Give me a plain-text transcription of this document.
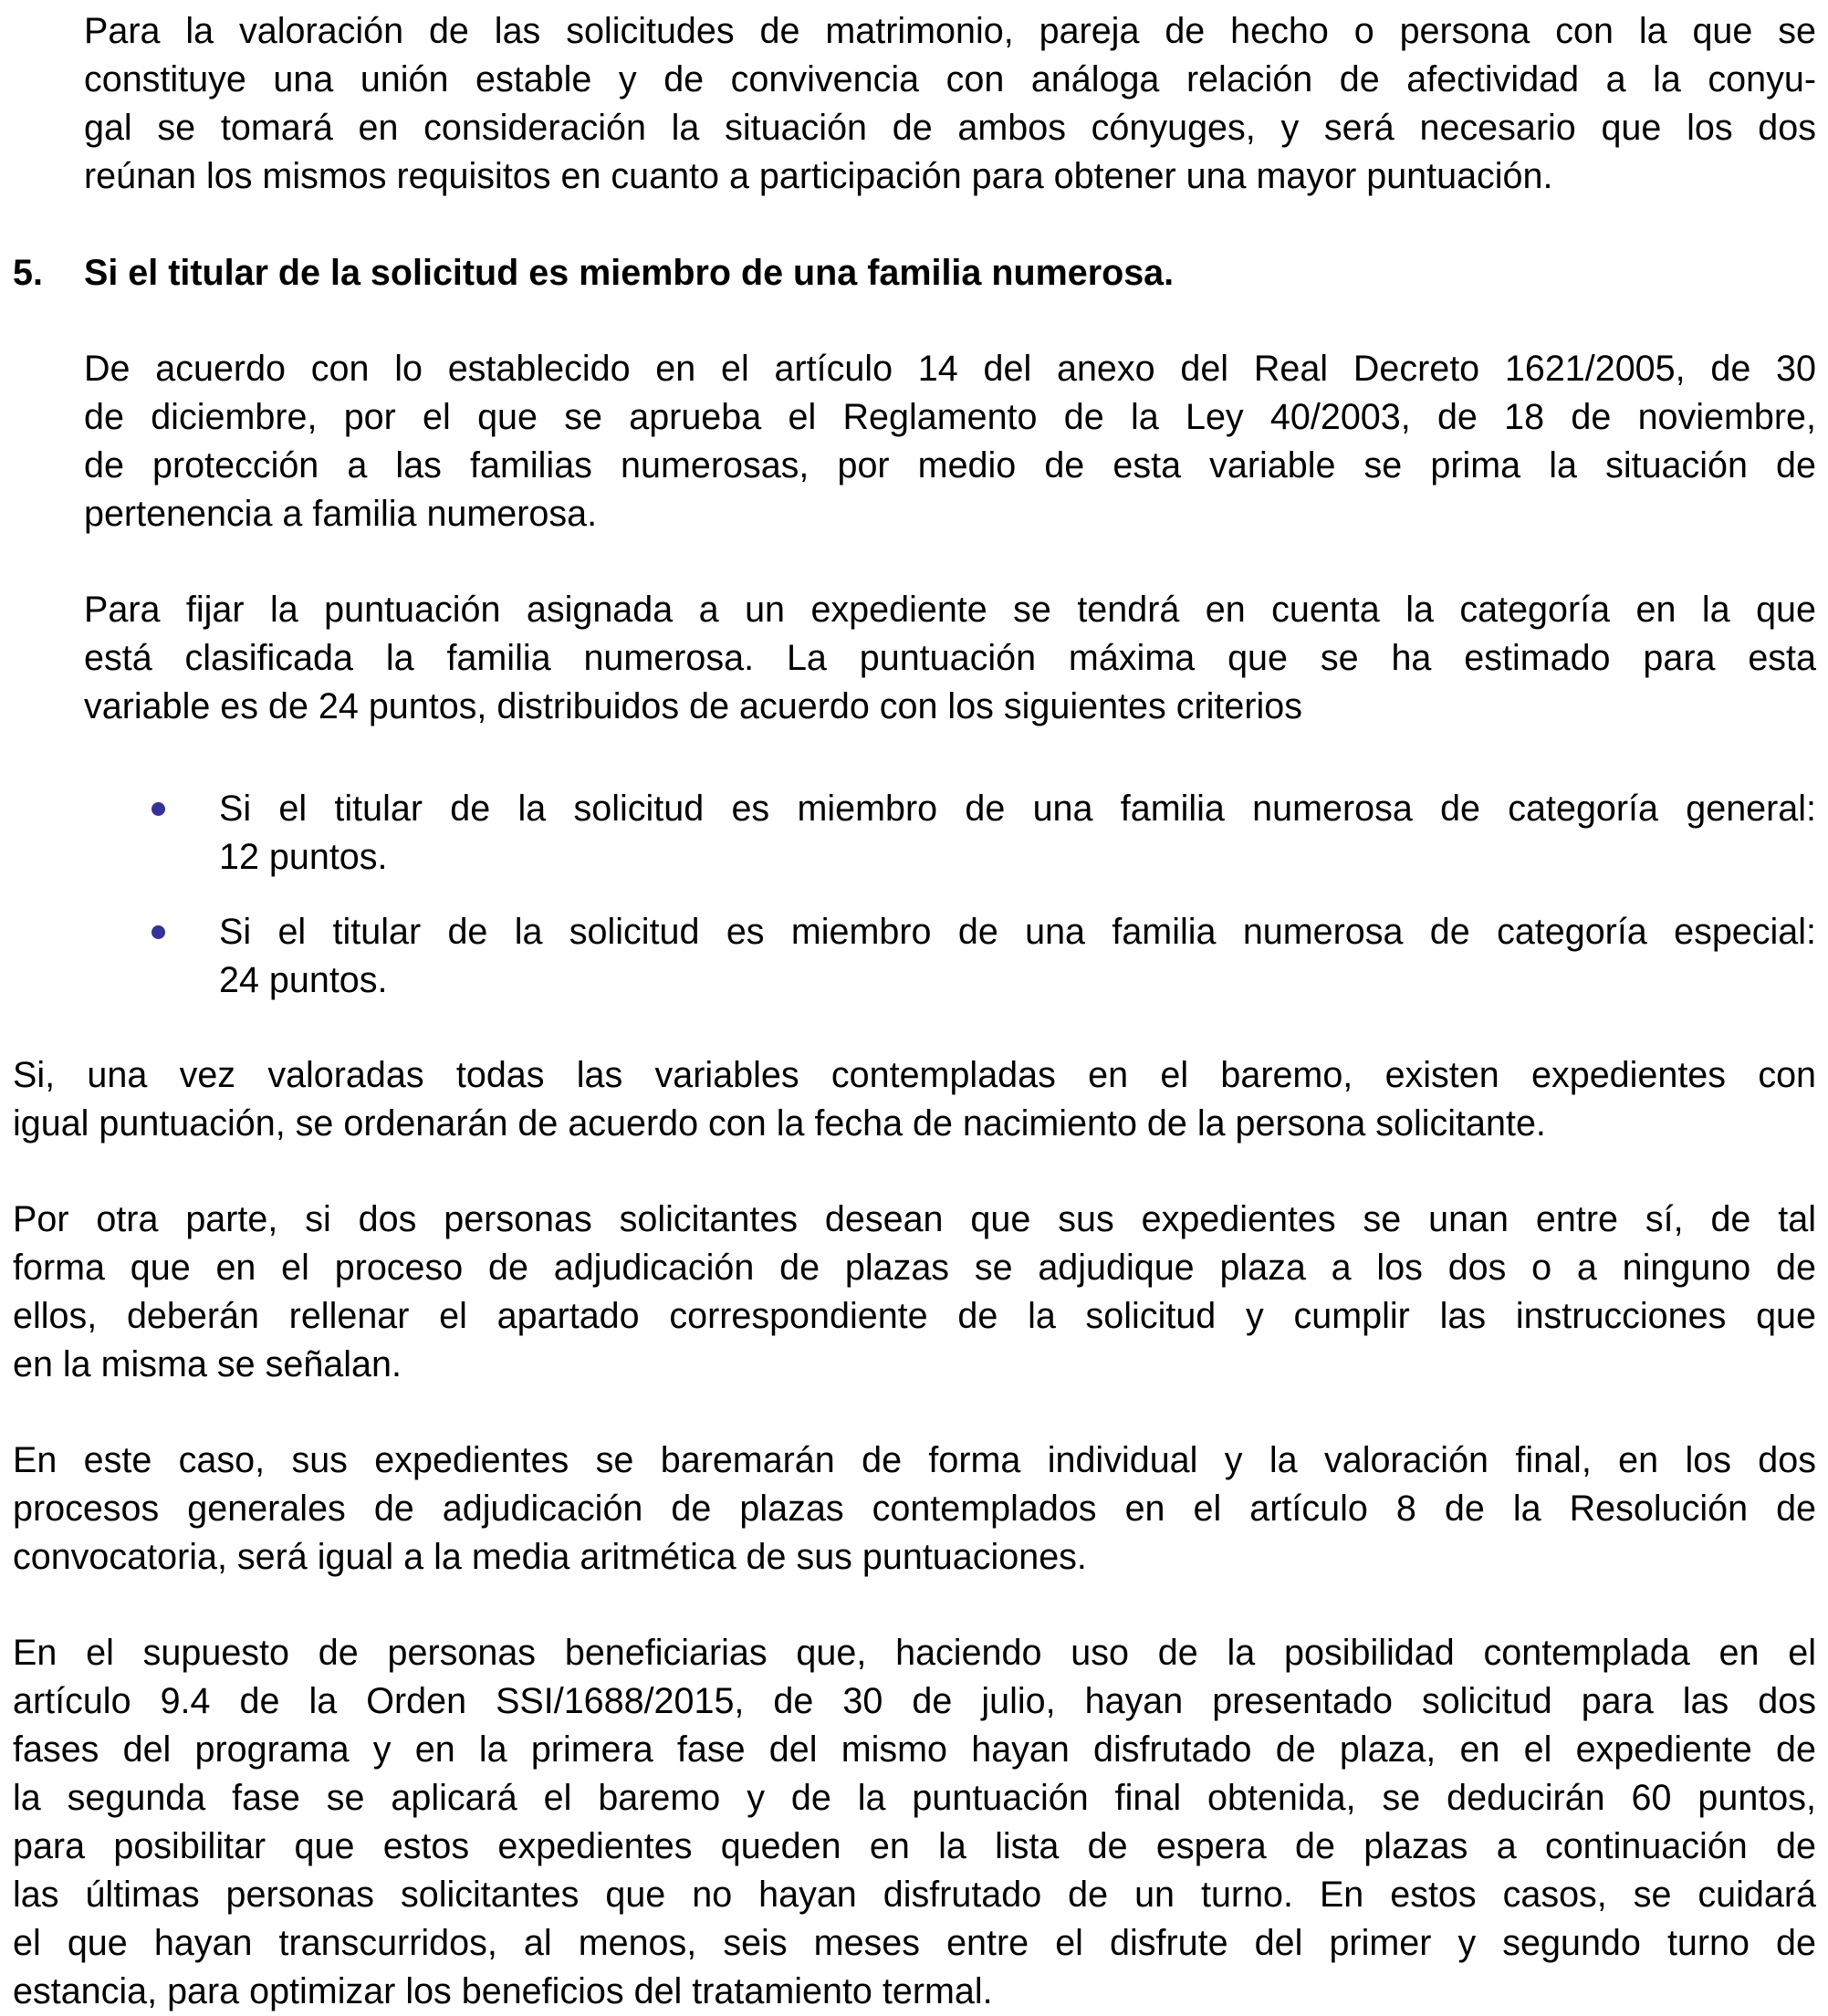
Para la valoración de las solicitudes de matrimonio, pareja de hecho o persona con la que se
constituye una unión estable y de convivencia con análoga relación de afectividad a la conyu-
gal se tomará en consideración la situación de ambos cónyuges, y será necesario que los dos
reúnan los mismos requisitos en cuanto a participación para obtener una mayor puntuación.
5. Si el titular de la solicitud es miembro de una familia numerosa.
De acuerdo con lo establecido en el artículo 14 del anexo del Real Decreto 1621/2005, de 30
de diciembre, por el que se aprueba el Reglamento de la Ley 40/2003, de 18 de noviembre,
de protección a las familias numerosas, por medio de esta variable se prima la situación de
pertenencia a familia numerosa.
Para fijar la puntuación asignada a un expediente se tendrá en cuenta la categoría en la que
está clasificada la familia numerosa. La puntuación máxima que se ha estimado para esta
variable es de 24 puntos, distribuidos de acuerdo con los siguientes criterios
Si el titular de la solicitud es miembro de una familia numerosa de categoría general:
12 puntos.
Si el titular de la solicitud es miembro de una familia numerosa de categoría especial:
24 puntos.
Si, una vez valoradas todas las variables contempladas en el baremo, existen expedientes con
igual puntuación, se ordenarán de acuerdo con la fecha de nacimiento de la persona solicitante.
Por otra parte, si dos personas solicitantes desean que sus expedientes se unan entre sí, de tal
forma que en el proceso de adjudicación de plazas se adjudique plaza a los dos o a ninguno de
ellos, deberán rellenar el apartado correspondiente de la solicitud y cumplir las instrucciones que
en la misma se señalan.
En este caso, sus expedientes se baremarán de forma individual y la valoración final, en los dos
procesos generales de adjudicación de plazas contemplados en el artículo 8 de la Resolución de
convocatoria, será igual a la media aritmética de sus puntuaciones.
En el supuesto de personas beneficiarias que, haciendo uso de la posibilidad contemplada en el
artículo 9.4 de la Orden SSI/1688/2015, de 30 de julio, hayan presentado solicitud para las dos
fases del programa y en la primera fase del mismo hayan disfrutado de plaza, en el expediente de
la segunda fase se aplicará el baremo y de la puntuación final obtenida, se deducirán 60 puntos,
para posibilitar que estos expedientes queden en la lista de espera de plazas a continuación de
las últimas personas solicitantes que no hayan disfrutado de un turno. En estos casos, se cuidará
el que hayan transcurridos, al menos, seis meses entre el disfrute del primer y segundo turno de
estancia, para optimizar los beneficios del tratamiento termal.
